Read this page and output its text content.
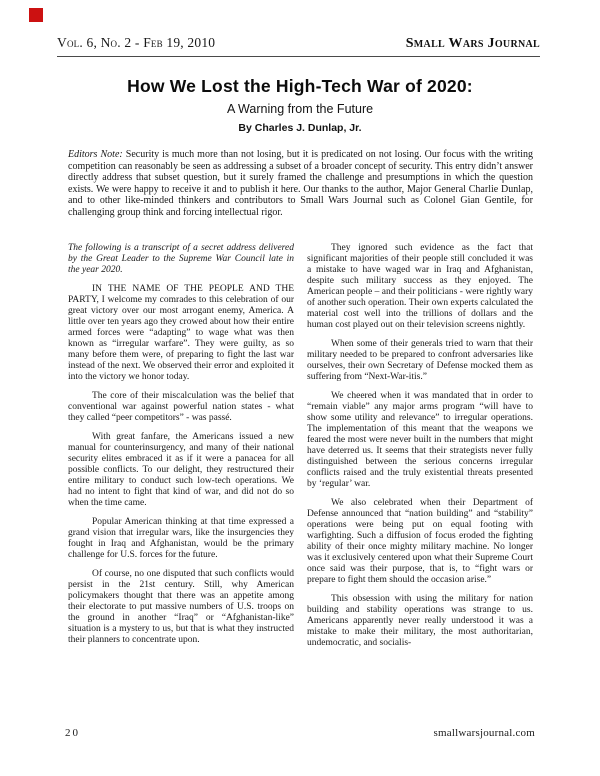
Vol. 6, No. 2 - Feb 19, 2010	Small Wars Journal
How We Lost the High-Tech War of 2020:
A Warning from the Future
By Charles J. Dunlap, Jr.
Editors Note: Security is much more than not losing, but it is predicated on not losing. Our focus with the writing competition can reasonably be seen as addressing a subset of a broader concept of security. This entry didn’t answer directly address that subset question, but it surely framed the challenge and presumptions in which the question exists. We were happy to receive it and to publish it here. Our thanks to the author, Major General Charlie Dunlap, and to other like-minded thinkers and contributors to Small Wars Journal such as Colonel Gian Gentile, for challenging group think and forcing intellectual rigor.

The following is a transcript of a secret address delivered by the Great Leader to the Supreme War Council late in the year 2020.

IN THE NAME OF THE PEOPLE AND THE PARTY, I welcome my comrades to this celebration of our great victory over our most arrogant enemy, America. A little over ten years ago they crowed about how their entire armed forces were “adapting” to wage what was then known as “irregular warfare”. They were guilty, as so many before them were, of preparing to fight the last war instead of the next. We observed their error and exploited it into the victory we honor today.

The core of their miscalculation was the belief that conventional war against powerful nation states - what they called “peer competitors” - was passé.

With great fanfare, the Americans issued a new manual for counterinsurgency, and many of their national security elites embraced it as if it were a panacea for all possible conflicts. To our delight, they restructured their entire military to conduct such low-tech operations. We had no intent to fight that kind of war, and did not do so when the time came.

Popular American thinking at that time expressed a grand vision that irregular wars, like the insurgencies they fought in Iraq and Afghanistan, would be the primary challenge for U.S. forces for the future.

Of course, no one disputed that such conflicts would persist in the 21st century. Still, why American policymakers thought that there was an appetite among their electorate to put massive numbers of U.S. troops on the ground in another “Iraq” or “Afghanistan-like” situation is a mystery to us, but that is what they instructed their planners to concentrate upon.

They ignored such evidence as the fact that significant majorities of their people still concluded it was a mistake to have waged war in Iraq and Afghanistan, despite such military success as they enjoyed. The American people – and their politicians - were rightly wary of another such operation. Their own experts calculated the material cost well into the trillions of dollars and the human cost played out on their television screens nightly.

When some of their generals tried to warn that their military needed to be prepared to confront adversaries like ourselves, their own Secretary of Defense mocked them as suffering from “Next-War-itis.”

We cheered when it was mandated that in order to “remain viable” any major arms program “will have to show some utility and relevance” to irregular operations. The implementation of this meant that the weapons we feared the most were never built in the numbers that might have deterred us. It seems that their strategists never fully distinguished between the serious concerns irregular conflicts raised and the truly existential threats presented by ‘regular’ war.

We also celebrated when their Department of Defense announced that “nation building” and “stability” operations were being put on equal footing with warfighting. Such a diffusion of focus eroded the fighting ability of their once mighty military machine. No longer was it exclusively centered upon what their Supreme Court once said was their purpose, that is, to “fight wars or prepare to fight them should the occasion arise.”

This obsession with using the military for nation building and stability operations was strange to us. Americans apparently never really understood it was a mistake to make their military, the most authoritarian, undemocratic, and socialis-

20	smallwarsjournal.com
